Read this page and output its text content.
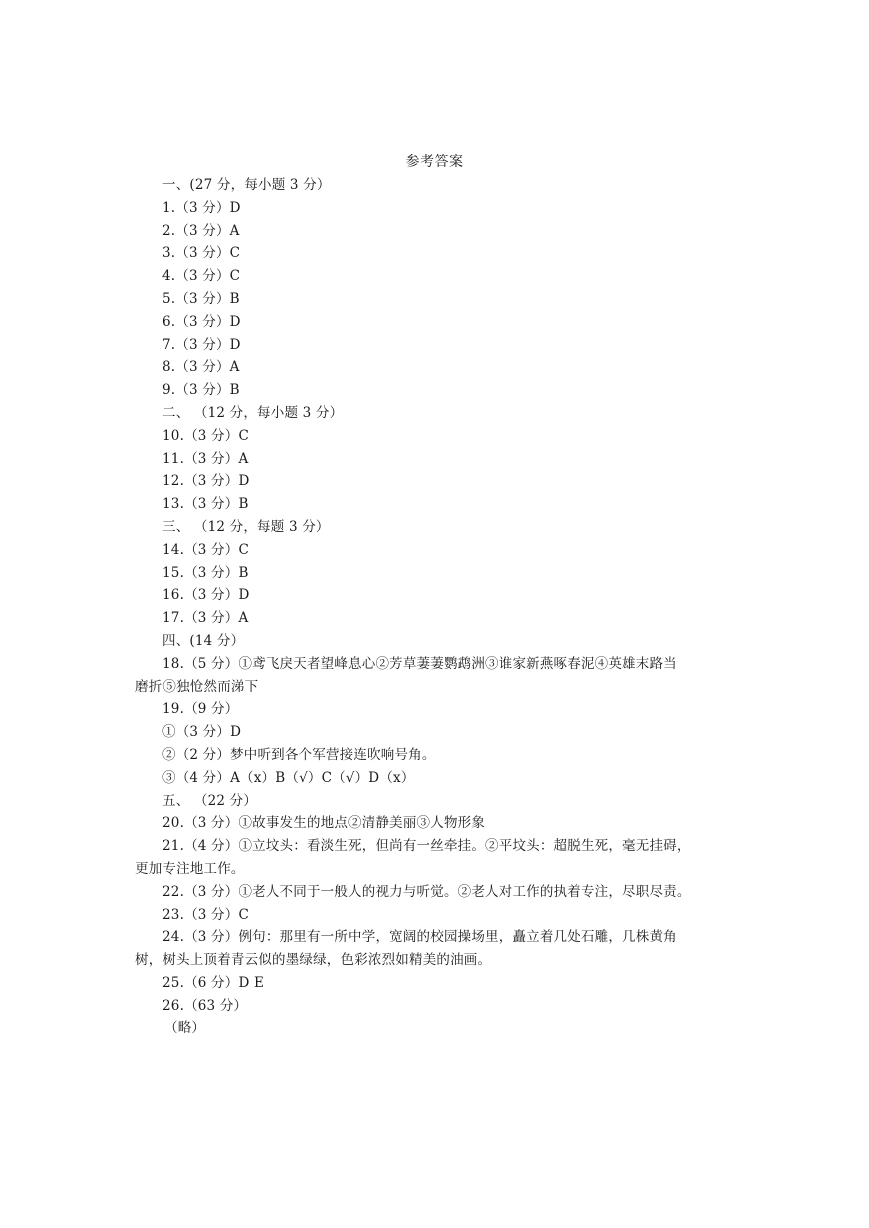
参考答案
一、(27 分，每小题 3 分）
1.（3 分）D
2.（3 分）A
3.（3 分）C
4.（3 分）C
5.（3 分）B
6.（3 分）D
7.（3 分）D
8.（3 分）A
9.（3 分）B
二、 （12 分，每小题 3 分）
10.（3 分）C
11.（3 分）A
12.（3 分）D
13.（3 分）B
三、 （12 分，每题 3 分）
14.（3 分）C
15.（3 分）B
16.（3 分）D
17.（3 分）A
四、(14 分）
18.（5 分）①鸢飞戾天者望峰息心②芳草萋萋鹦鹉洲③谁家新燕啄春泥④英雄末路当
磨折⑤独怆然而涕下
19.（9 分）
①（3 分）D
②（2 分）梦中听到各个军营接连吹响号角。
③（4 分）A（x）B（√）C（√）D（x）
五、 （22 分）
20.（3 分）①故事发生的地点②清静美丽③人物形象
21.（4 分）①立坟头：看淡生死，但尚有一丝牵挂。②平坟头：超脱生死，毫无挂碍，
更加专注地工作。
22.（3 分）①老人不同于一般人的视力与听觉。②老人对工作的执着专注，尽职尽责。
23.（3 分）C
24.（3 分）例句：那里有一所中学，宽阔的校园操场里，矗立着几处石雕，几株黄角
树，树头上顶着青云似的墨绿绿，色彩浓烈如精美的油画。
25.（6 分）D E
26.（63 分）
（略）
